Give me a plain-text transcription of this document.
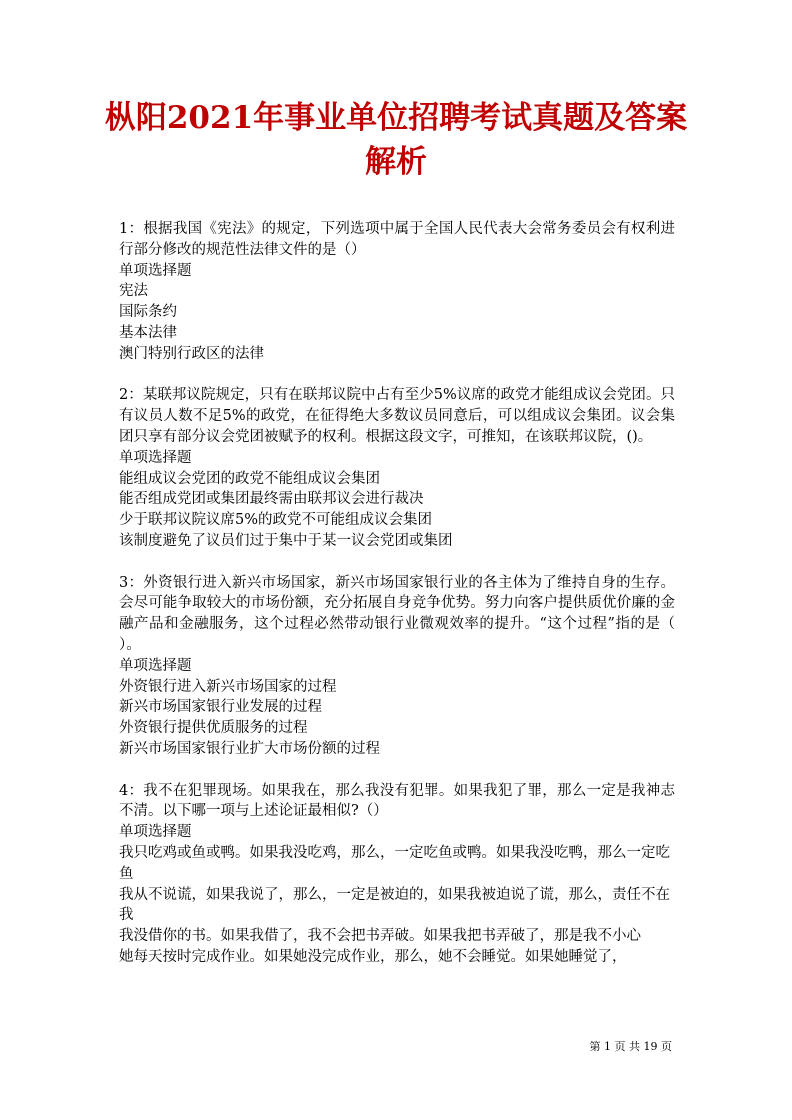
枞阳2021年事业单位招聘考试真题及答案
解析
1：根据我国《宪法》的规定，下列选项中属于全国人民代表大会常务委员会有权利进行部分修改的规范性法律文件的是（）
单项选择题
宪法
国际条约
基本法律
澳门特别行政区的法律
2：某联邦议院规定，只有在联邦议院中占有至少5%议席的政党才能组成议会党团。只有议员人数不足5%的政党，在征得绝大多数议员同意后，可以组成议会集团。议会集团只享有部分议会党团被赋予的权利。根据这段文字，可推知，在该联邦议院，()。
单项选择题
能组成议会党团的政党不能组成议会集团
能否组成党团或集团最终需由联邦议会进行裁决
少于联邦议院议席5%的政党不可能组成议会集团
该制度避免了议员们过于集中于某一议会党团或集团
3：外资银行进入新兴市场国家，新兴市场国家银行业的各主体为了维持自身的生存。会尽可能争取较大的市场份额，充分拓展自身竞争优势。努力向客户提供质优价廉的金融产品和金融服务，这个过程必然带动银行业微观效率的提升。“这个过程”指的是（ ）。
单项选择题
外资银行进入新兴市场国家的过程
新兴市场国家银行业发展的过程
外资银行提供优质服务的过程
新兴市场国家银行业扩大市场份额的过程
4：我不在犯罪现场。如果我在，那么我没有犯罪。如果我犯了罪，那么一定是我神志不清。以下哪一项与上述论证最相似?（）
单项选择题
我只吃鸡或鱼或鸭。如果我没吃鸡，那么，一定吃鱼或鸭。如果我没吃鸭，那么一定吃鱼
我从不说谎，如果我说了，那么，一定是被迫的，如果我被迫说了谎，那么，责任不在我
我没借你的书。如果我借了，我不会把书弄破。如果我把书弄破了，那是我不小心
她每天按时完成作业。如果她没完成作业，那么，她不会睡觉。如果她睡觉了，
第 1 页 共 19 页
